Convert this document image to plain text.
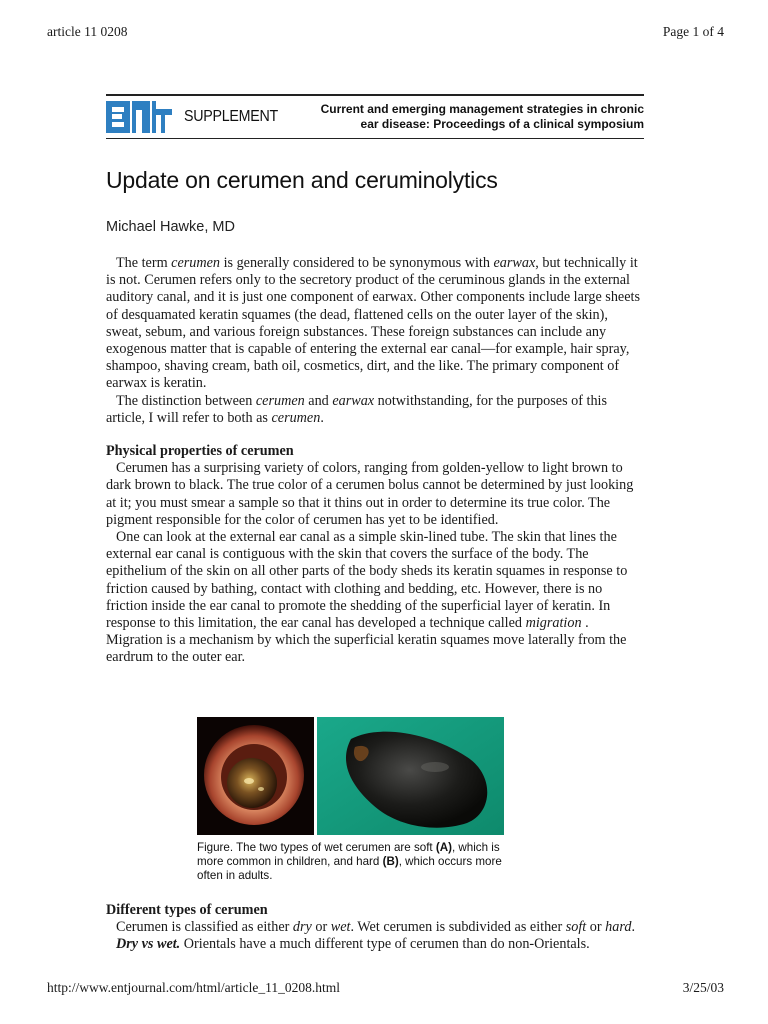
article 11 0208	Page 1 of 4
SUPPLEMENT	Current and emerging management strategies in chronic
ear disease: Proceedings of a clinical symposium
Update on cerumen and ceruminolytics
Michael Hawke, MD

The term cerumen is generally considered to be synonymous with earwax, but technically it is not. Cerumen refers only to the secretory product of the ceruminous glands in the external auditory canal, and it is just one component of earwax. Other components include large sheets of desquamated keratin squames (the dead, flattened cells on the outer layer of the skin), sweat, sebum, and various foreign substances. These foreign substances can include any exogenous matter that is capable of entering the external ear canal—for example, hair spray, shampoo, shaving cream, bath oil, cosmetics, dirt, and the like. The primary component of earwax is keratin.

The distinction between cerumen and earwax notwithstanding, for the purposes of this article, I will refer to both as cerumen.

Physical properties of cerumen

Cerumen has a surprising variety of colors, ranging from golden-yellow to light brown to dark brown to black. The true color of a cerumen bolus cannot be determined by just looking at it; you must smear a sample so that it thins out in order to determine its true color. The pigment responsible for the color of cerumen has yet to be identified.

One can look at the external ear canal as a simple skin-lined tube. The skin that lines the external ear canal is contiguous with the skin that covers the surface of the body. The epithelium of the skin on all other parts of the body sheds its keratin squames in response to friction caused by bathing, contact with clothing and bedding, etc. However, there is no friction inside the ear canal to promote the shedding of the superficial layer of keratin. In response to this limitation, the ear canal has developed a technique called migration . Migration is a mechanism by which the superficial keratin squames move laterally from the eardrum to the outer ear.

Figure. The two types of wet cerumen are soft (A), which is more common in children, and hard (B), which occurs more often in adults.
Different types of cerumen

Cerumen is classified as either dry or wet. Wet cerumen is subdivided as either soft or hard.

Dry vs wet. Orientals have a much different type of cerumen than do non-Orientals.

http://www.entjournal.com/html/article_11_0208.html	3/25/03
